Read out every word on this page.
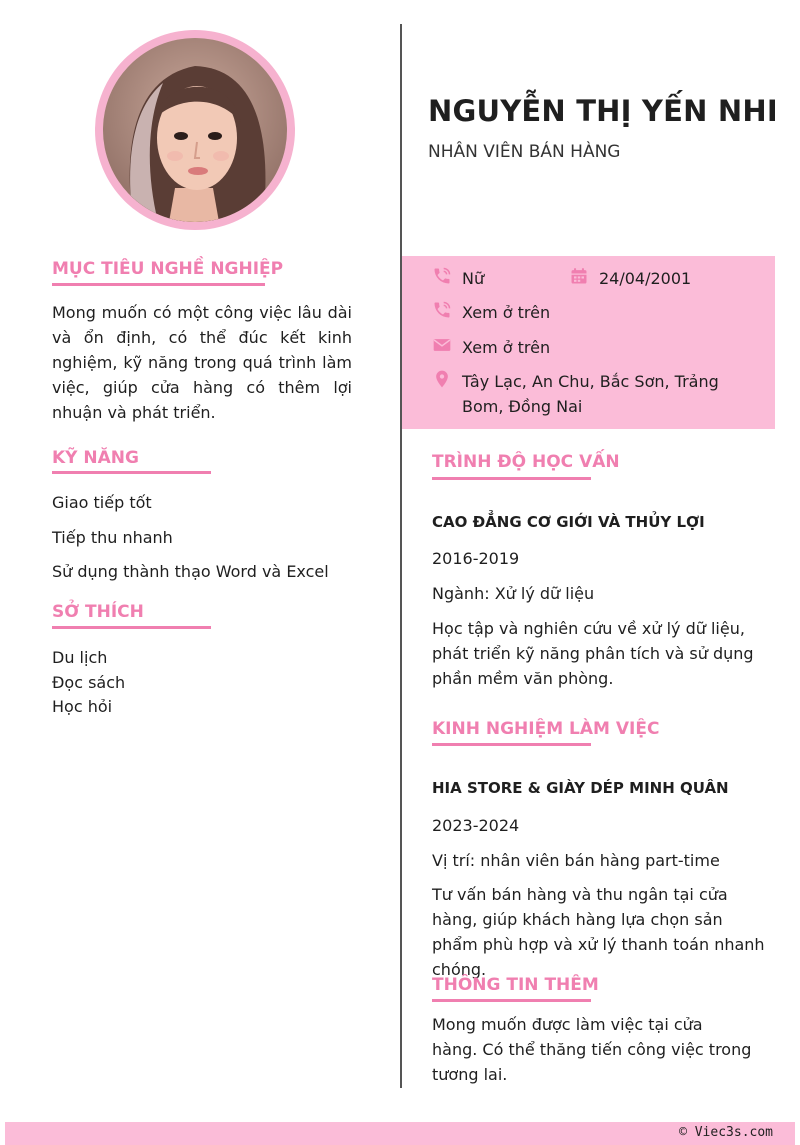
NGUYỄN THỊ YẾN NHI
NHÂN VIÊN BÁN HÀNG
MỤC TIÊU NGHỀ NGHIỆP
Mong muốn có một công việc lâu dài và ổn định, có thể đúc kết kinh nghiệm, kỹ năng trong quá trình làm việc, giúp cửa hàng có thêm lợi nhuận và phát triển.
KỸ NĂNG
Giao tiếp tốt
Tiếp thu nhanh
Sử dụng thành thạo Word và Excel
SỞ THÍCH
Du lịch
Đọc sách
Học hỏi
Nữ	24/04/2001
Xem ở trên
Xem ở trên
Tây Lạc, An Chu, Bắc Sơn, Trảng Bom, Đồng Nai
TRÌNH ĐỘ HỌC VẤN
CAO ĐẲNG CƠ GIỚI VÀ THỦY LỢI
2016-2019
Ngành: Xử lý dữ liệu
Học tập và nghiên cứu về xử lý dữ liệu, phát triển kỹ năng phân tích và sử dụng phần mềm văn phòng.
KINH NGHIỆM LÀM VIỆC
HIA STORE & GIÀY DÉP MINH QUÂN
2023-2024
Vị trí: nhân viên bán hàng part-time
Tư vấn bán hàng và thu ngân tại cửa hàng, giúp khách hàng lựa chọn sản phẩm phù hợp và xử lý thanh toán nhanh chóng.
THÔNG TIN THÊM
Mong muốn được làm việc tại cửa hàng. Có thể thăng tiến công việc trong tương lai.
© Viec3s.com
